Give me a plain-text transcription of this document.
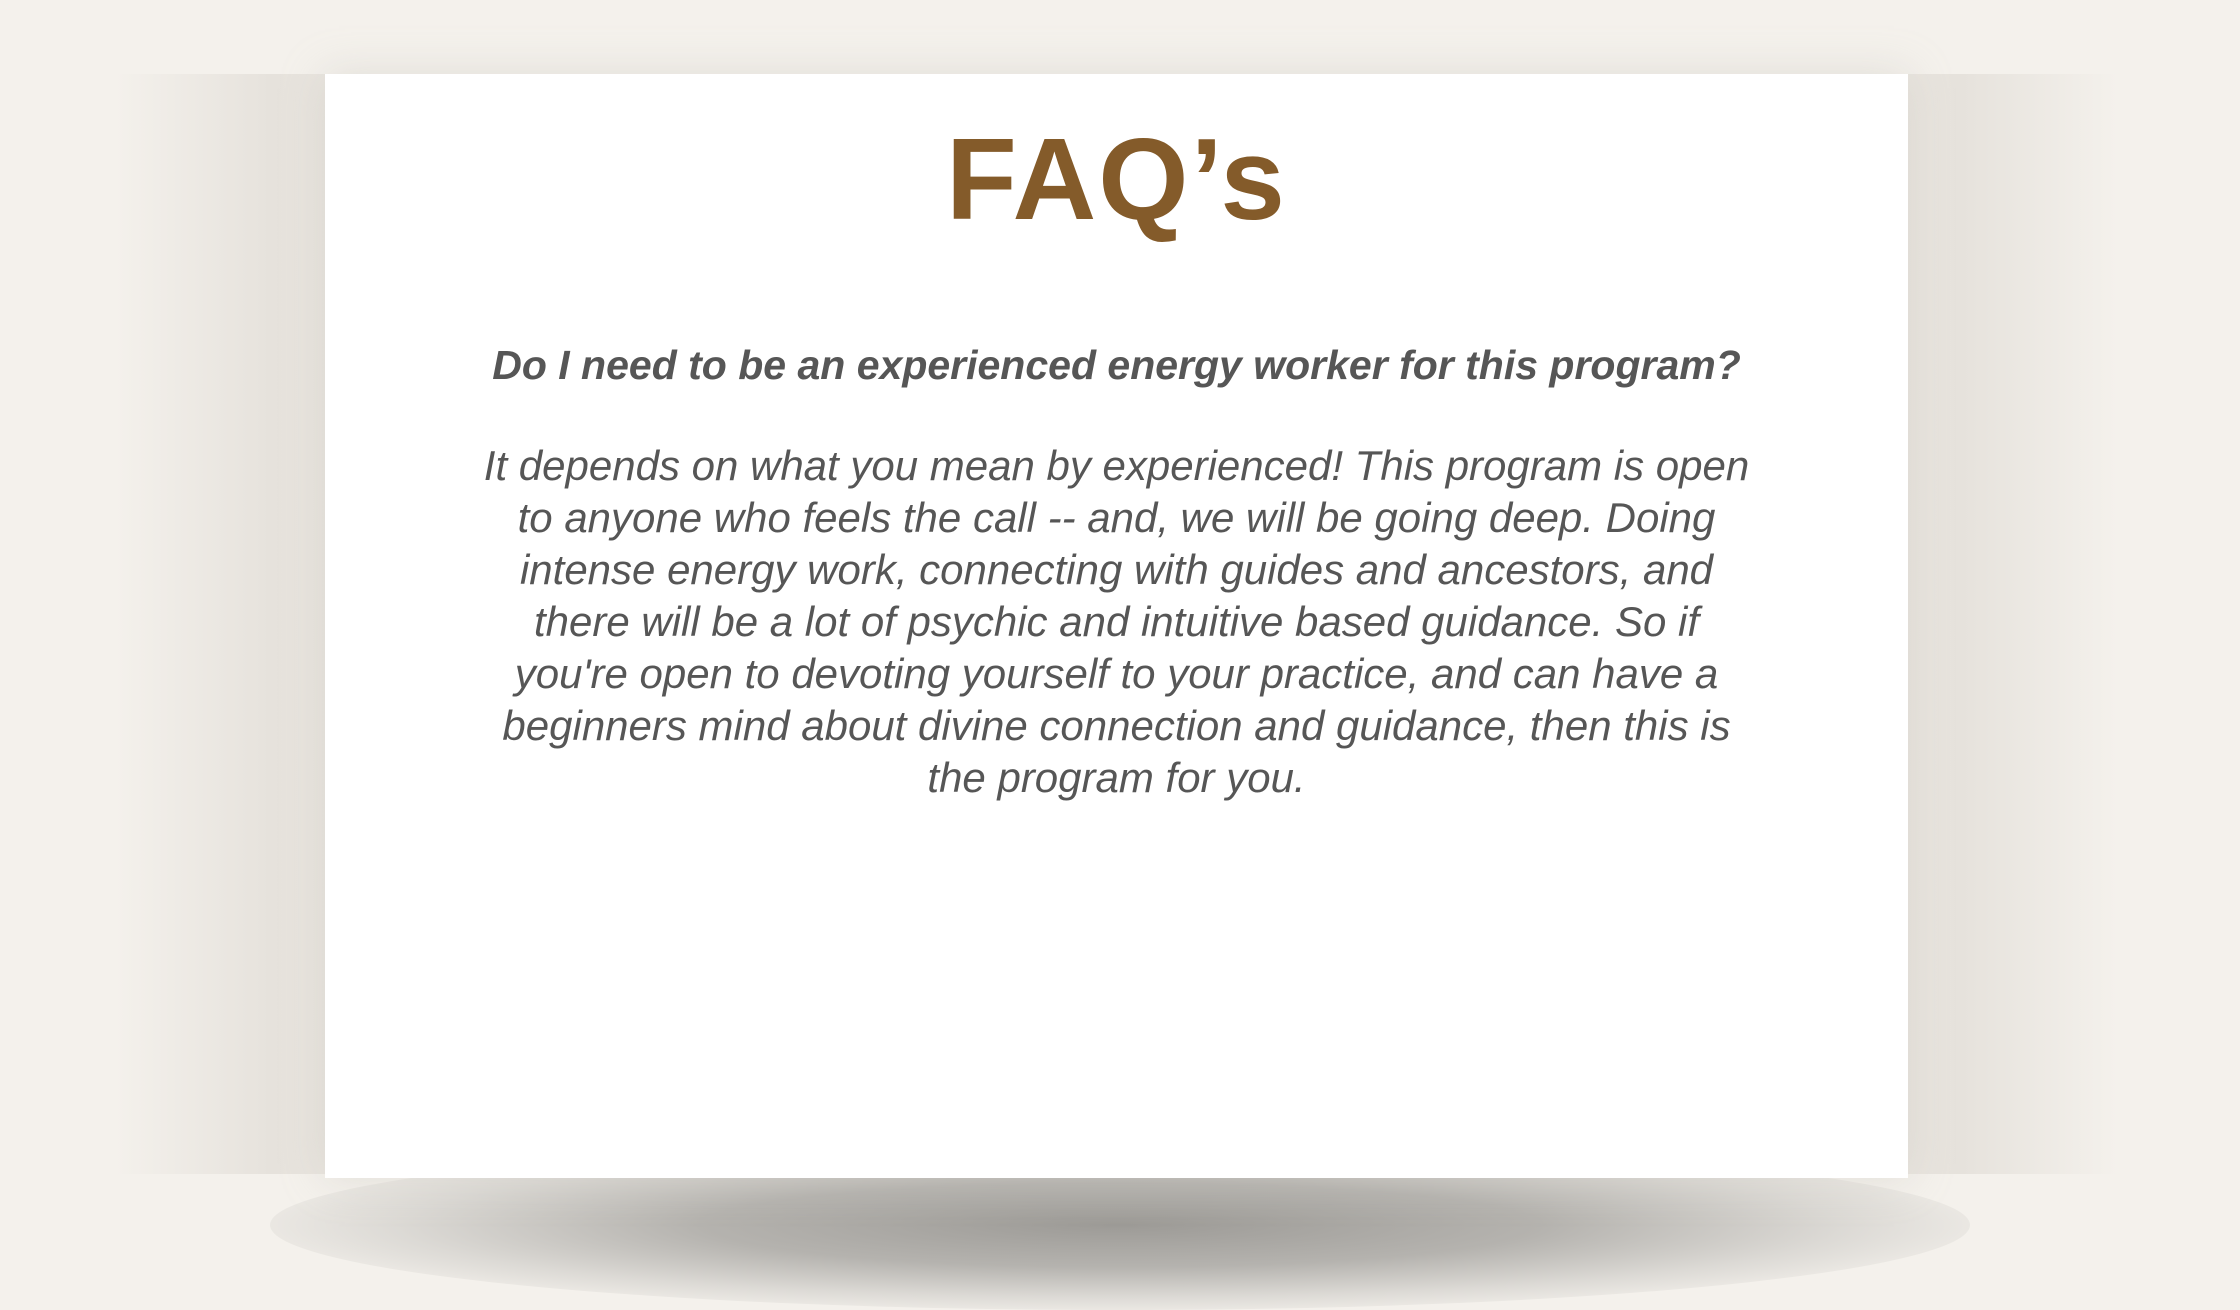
FAQ’s

Do I need to be an experienced energy worker for this program?

It depends on what you mean by experienced! This program is open
to anyone who feels the call -- and, we will be going deep. Doing
intense energy work, connecting with guides and ancestors, and
there will be a lot of psychic and intuitive based guidance. So if
you're open to devoting yourself to your practice, and can have a
beginners mind about divine connection and guidance, then this is
the program for you.
